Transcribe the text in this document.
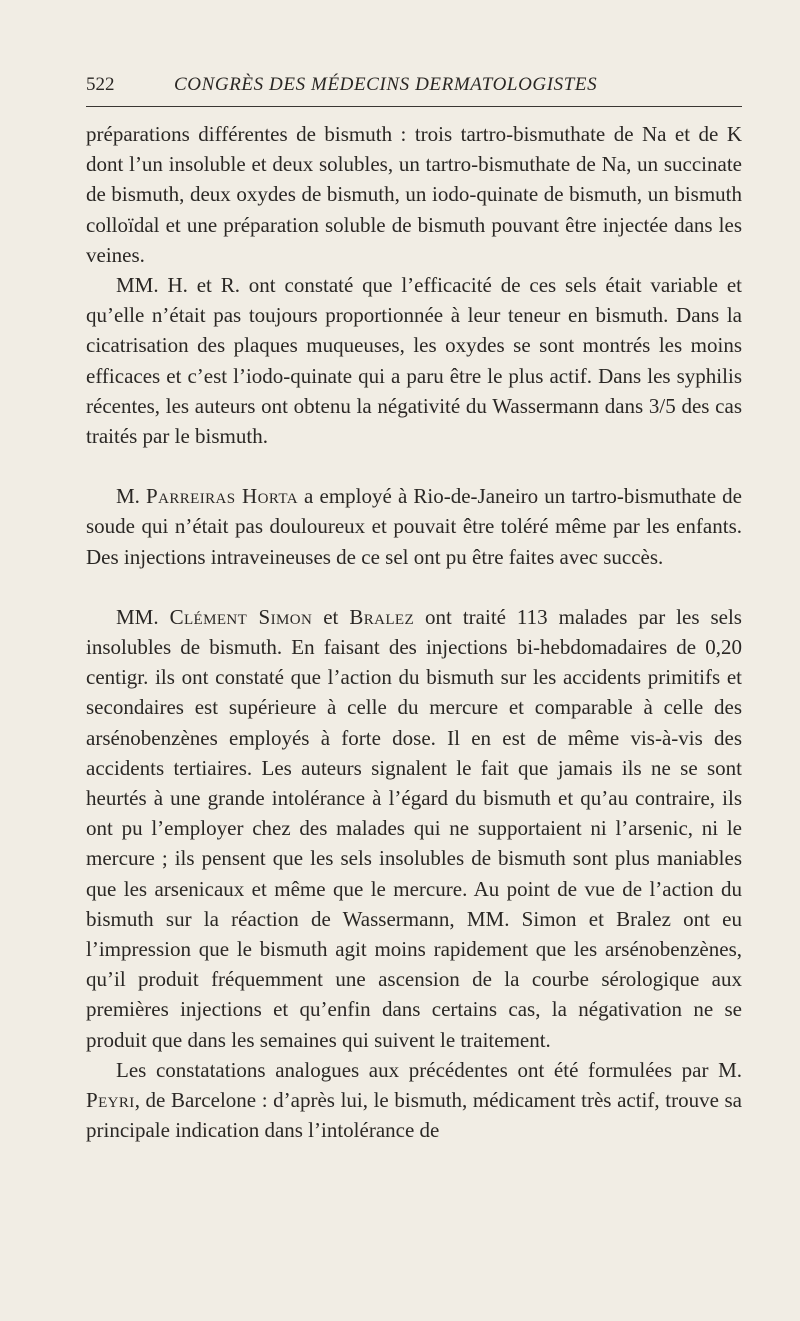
522	CONGRÈS DES MÉDECINS DERMATOLOGISTES

préparations différentes de bismuth : trois tartro-bismuthate de Na et de K dont l’un insoluble et deux solubles, un tartro-bismuthate de Na, un succinate de bismuth, deux oxydes de bismuth, un iodo-quinate de bismuth, un bismuth colloïdal et une préparation soluble de bismuth pouvant être injectée dans les veines.

MM. H. et R. ont constaté que l’efficacité de ces sels était variable et qu’elle n’était pas toujours proportionnée à leur teneur en bismuth. Dans la cicatrisation des plaques muqueuses, les oxydes se sont montrés les moins efficaces et c’est l’iodo-quinate qui a paru être le plus actif. Dans les syphilis récentes, les auteurs ont obtenu la négativité du Wassermann dans 3/5 des cas traités par le bismuth.

M. Parreiras Horta a employé à Rio-de-Janeiro un tartro-bismuthate de soude qui n’était pas douloureux et pouvait être toléré même par les enfants. Des injections intraveineuses de ce sel ont pu être faites avec succès.

MM. Clément Simon et Bralez ont traité 113 malades par les sels insolubles de bismuth. En faisant des injections bi-hebdomadaires de 0,20 centigr. ils ont constaté que l’action du bismuth sur les accidents primitifs et secondaires est supérieure à celle du mercure et comparable à celle des arsénobenzènes employés à forte dose. Il en est de même vis-à-vis des accidents tertiaires. Les auteurs signalent le fait que jamais ils ne se sont heurtés à une grande intolérance à l’égard du bismuth et qu’au contraire, ils ont pu l’employer chez des malades qui ne supportaient ni l’arsenic, ni le mercure ; ils pensent que les sels insolubles de bismuth sont plus maniables que les arsenicaux et même que le mercure. Au point de vue de l’action du bismuth sur la réaction de Wassermann, MM. Simon et Bralez ont eu l’impression que le bismuth agit moins rapidement que les arsénobenzènes, qu’il produit fréquemment une ascension de la courbe sérologique aux premières injections et qu’enfin dans certains cas, la négativation ne se produit que dans les semaines qui suivent le traitement.

Les constatations analogues aux précédentes ont été formulées par M. Peyri, de Barcelone : d’après lui, le bismuth, médicament très actif, trouve sa principale indication dans l’intolérance de
